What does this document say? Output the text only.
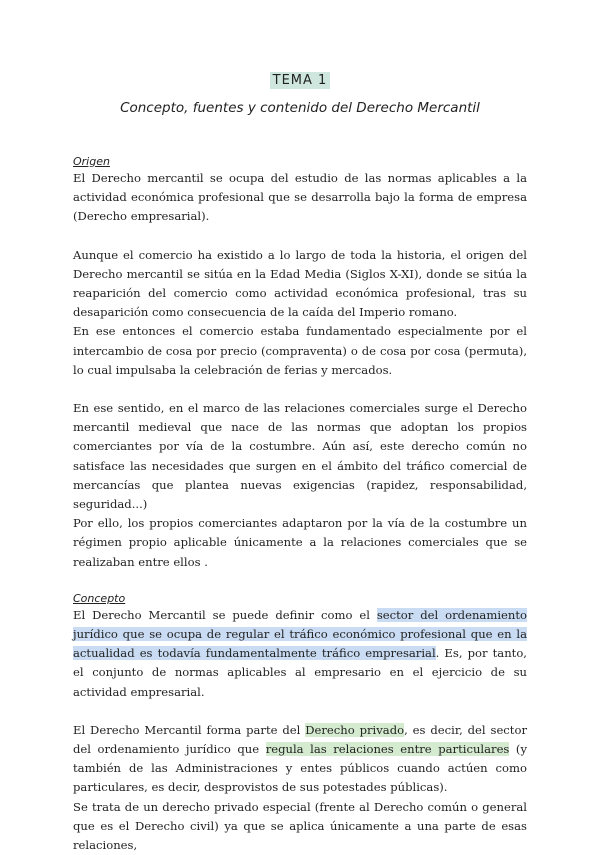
TEMA 1
Concepto, fuentes y contenido del Derecho Mercantil
Origen

El Derecho mercantil se ocupa del estudio de las normas aplicables a la actividad económica profesional que se desarrolla bajo la forma de empresa (Derecho empresarial).

Aunque el comercio ha existido a lo largo de toda la historia, el origen del Derecho mercantil se sitúa en la Edad Media (Siglos X-XI), donde se sitúa la reaparición del comercio como actividad económica profesional, tras su desaparición como consecuencia de la caída del Imperio romano.

En ese entonces el comercio estaba fundamentado especialmente por el intercambio de cosa por precio (compraventa) o de cosa por cosa (permuta), lo cual impulsaba la celebración de ferias y mercados.

En ese sentido, en el marco de las relaciones comerciales surge el Derecho mercantil medieval que nace de las normas que adoptan los propios comerciantes por vía de la costumbre. Aún así, este derecho común no satisface las necesidades que surgen en el ámbito del tráfico comercial de mercancías que plantea nuevas exigencias (rapidez, responsabilidad, seguridad...)

Por ello, los propios comerciantes adaptaron por la vía de la costumbre un régimen propio aplicable únicamente a la relaciones comerciales que se realizaban entre ellos .

Concepto

El Derecho Mercantil se puede definir como el sector del ordenamiento jurídico que se ocupa de regular el tráfico económico profesional que en la actualidad es todavía fundamentalmente tráfico empresarial. Es, por tanto, el conjunto de normas aplicables al empresario en el ejercicio de su actividad empresarial.

El Derecho Mercantil forma parte del Derecho privado, es decir, del sector del ordenamiento jurídico que regula las relaciones entre particulares (y también de las Administraciones y entes públicos cuando actúen como particulares, es decir, desprovistos de sus potestades públicas).

Se trata de un derecho privado especial (frente al Derecho común o general que es el Derecho civil) ya que se aplica únicamente a una parte de esas relaciones,
